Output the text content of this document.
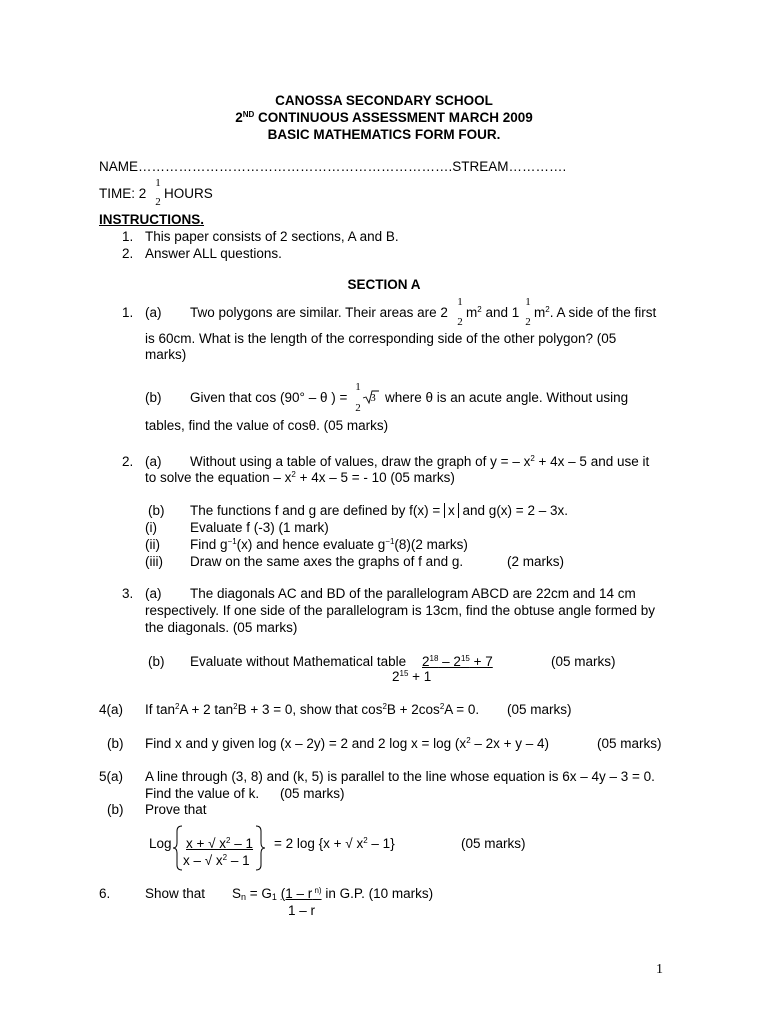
CANOSSA SECONDARY SCHOOL
2ND CONTINUOUS ASSESSMENT MARCH 2009
BASIC MATHEMATICS FORM FOUR.
NAME…………………………………………………………….STREAM………….
TIME: 2
1
2
HOURS
INSTRUCTIONS.
1. This paper consists of 2 sections, A and B.
2. Answer ALL questions.
SECTION A
1. (a) Two polygons are similar. Their areas are 2
1
2
$m^2$ and 1
1
2
$m^2$. A side of the first
is 60cm. What is the length of the corresponding side of the other polygon? (05
marks)
(b) Given that cos (90° – θ ) =
1
2
3 where θ is an acute angle. Without using
tables, find the value of cosθ. (05 marks)
2. (a) Without using a table of values, draw the graph of y = – $x^2 + 4x - 5$ and use it
to solve the equation – $x^2 + 4x - 5$ = - 10 (05 marks)
(b) The functions f and g are defined by f(x) = x and g(x) = 2 – 3x.
(i) Evaluate f (-3) (1 mark)
(ii) Find $g^{-1}(x)$ and hence evaluate $g^{-1}(8)(2$ marks)
(iii) Draw on the same axes the graphs of f and g.	(2 marks)
3. (a) The diagonals AC and BD of the parallelogram ABCD are 22cm and 14 cm
respectively. If one side of the parallelogram is 13cm, find the obtuse angle formed by
the diagonals. (05 marks)
(b) Evaluate without Mathematical table $2^{18} - 2^{15} + 7$
$2^{15} + 1$
(05 marks)
4(a) If $\tan^2A + 2$ $\tan^2B + 3 = 0$, show that $\cos^2B + 2\cos^2A = 0$. (05 marks)
(b) Find x and y given log (x – 2y) = 2 and 2 $\log x = \log (x^2 - 2x + y - 4)$	(05 marks)
5(a) A line through (3, 8) and (k, 5) is parallel to the line whose equation is 6x – 4y – 3 = 0.
Find the value of k. (05 marks)
(b) Prove that
Log x + √ $x^2 - 1$
x – √ $x^2 - 1$
= 2 log {x + √ $x^2 - 1$}	(05 marks)
6.	Show that $S_n = G_1$ (1 – r $^{n)}$ in G.P. (10 marks)
1 – r
1
